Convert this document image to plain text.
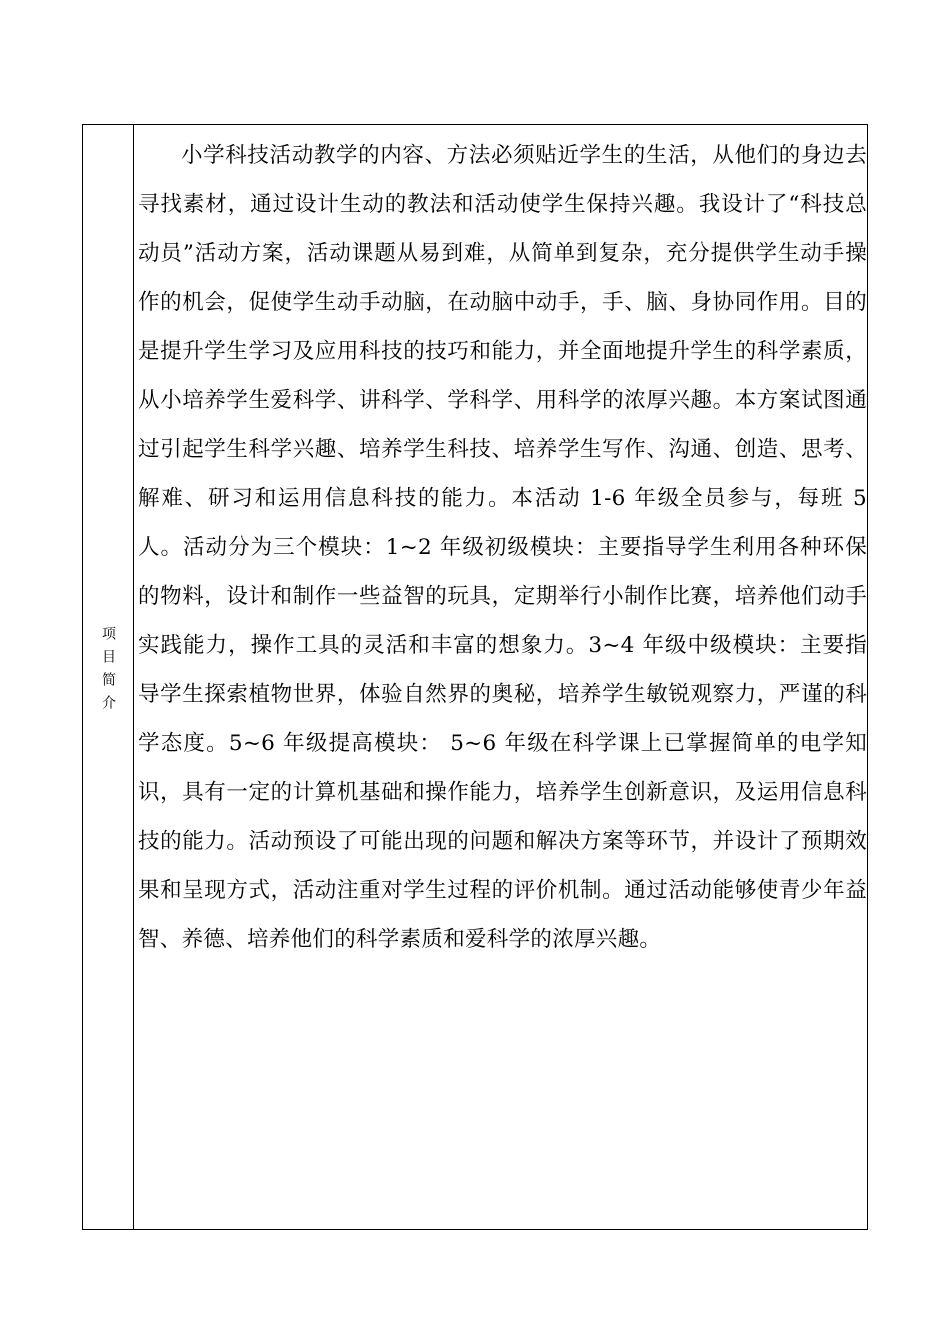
项目简介

小学科技活动教学的内容、方法必须贴近学生的生活，从他们的身边去寻找素材，通过设计生动的教法和活动使学生保持兴趣。我设计了“科技总动员”活动方案，活动课题从易到难，从简单到复杂，充分提供学生动手操作的机会，促使学生动手动脑，在动脑中动手，手、脑、身协同作用。目的是提升学生学习及应用科技的技巧和能力，并全面地提升学生的科学素质，从小培养学生爱科学、讲科学、学科学、用科学的浓厚兴趣。本方案试图通过引起学生科学兴趣、培养学生科技、培养学生写作、沟通、创造、思考、解难、研习和运用信息科技的能力。本活动 1-6 年级全员参与，每班 5 人。活动分为三个模块：1~2 年级初级模块：主要指导学生利用各种环保的物料，设计和制作一些益智的玩具，定期举行小制作比赛，培养他们动手实践能力，操作工具的灵活和丰富的想象力。3~4 年级中级模块：主要指导学生探索植物世界，体验自然界的奥秘，培养学生敏锐观察力，严谨的科学态度。5~6 年级提高模块： 5~6 年级在科学课上已掌握简单的电学知识，具有一定的计算机基础和操作能力，培养学生创新意识，及运用信息科技的能力。活动预设了可能出现的问题和解决方案等环节，并设计了预期效果和呈现方式，活动注重对学生过程的评价机制。通过活动能够使青少年益智、养德、培养他们的科学素质和爱科学的浓厚兴趣。
